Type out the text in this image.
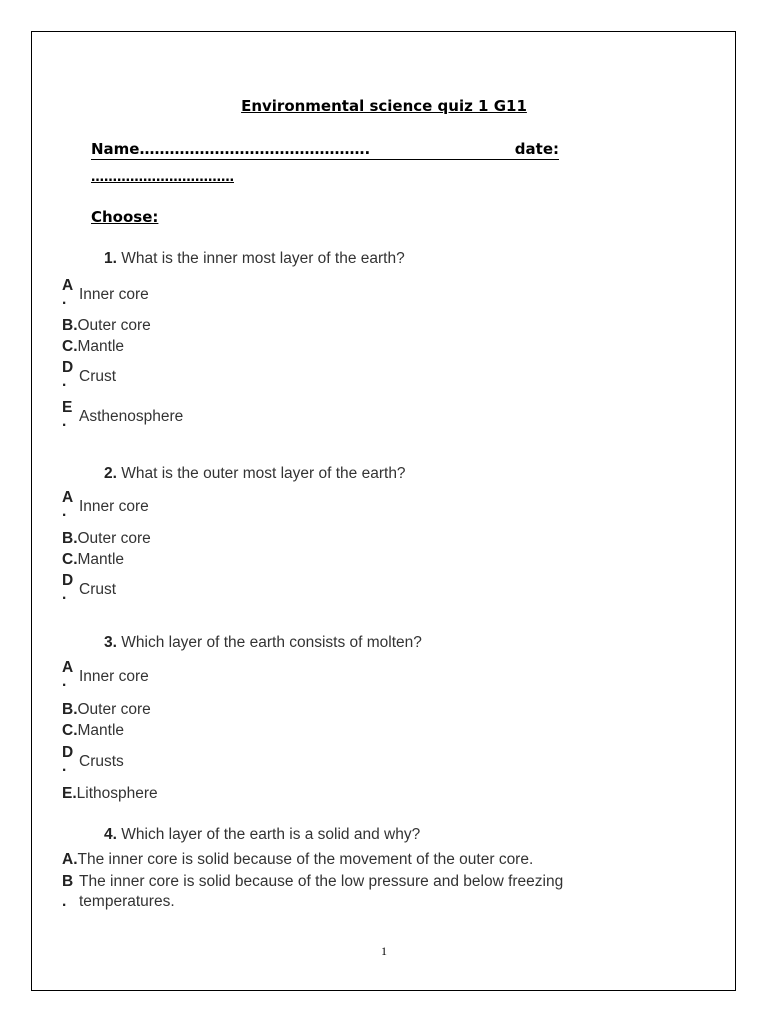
Environmental science quiz 1 G11
Name……………………………………….	date:
……………………………
Choose:
1. What is the inner most layer of the earth?
A
. Inner core
B.Outer core
C.Mantle
D
. Crust
E
. Asthenosphere
2. What is the outer most layer of the earth?
A
. Inner core
B.Outer core
C.Mantle
D
. Crust
3. Which layer of the earth consists of molten?
A
. Inner core
B.Outer core
C.Mantle
D
. Crusts
E.Lithosphere
4. Which layer of the earth is a solid and why?
A.The inner core is solid because of the movement of the outer core.
B The inner core is solid because of the low pressure and below freezing
. temperatures.
1
